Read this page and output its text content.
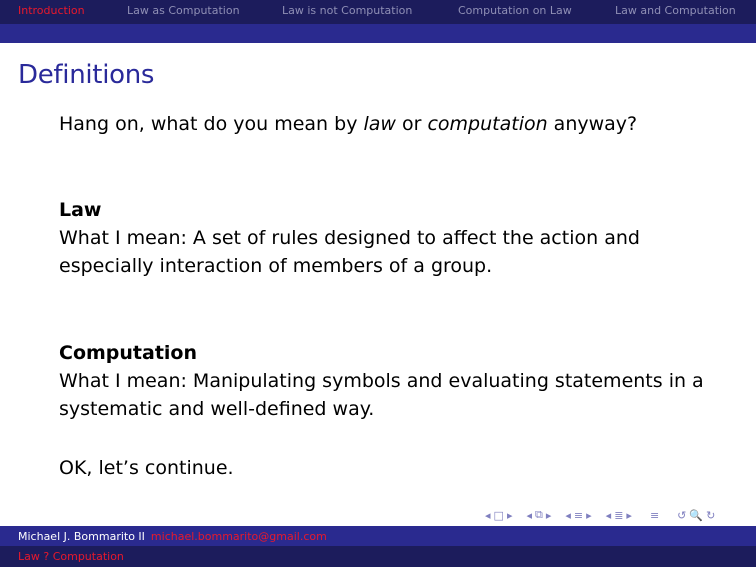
Introduction	Law as Computation	Law is not Computation	Computation on Law	Law and Computation
Definitions
Hang on, what do you mean by law or computation anyway?
Law
What I mean: A set of rules designed to affect the action and especially interaction of members of a group.
Computation
What I mean: Manipulating symbols and evaluating statements in a systematic and well-defined way.
OK, let’s continue.
◂ □ ▸ ◂ ⧉ ▸ ◂ ≡ ▸ ◂ ≣ ▸ ≡ ↺ 🔍 ↻
Michael J. Bommarito II michael.bommarito@gmail.com
Law ? Computation
